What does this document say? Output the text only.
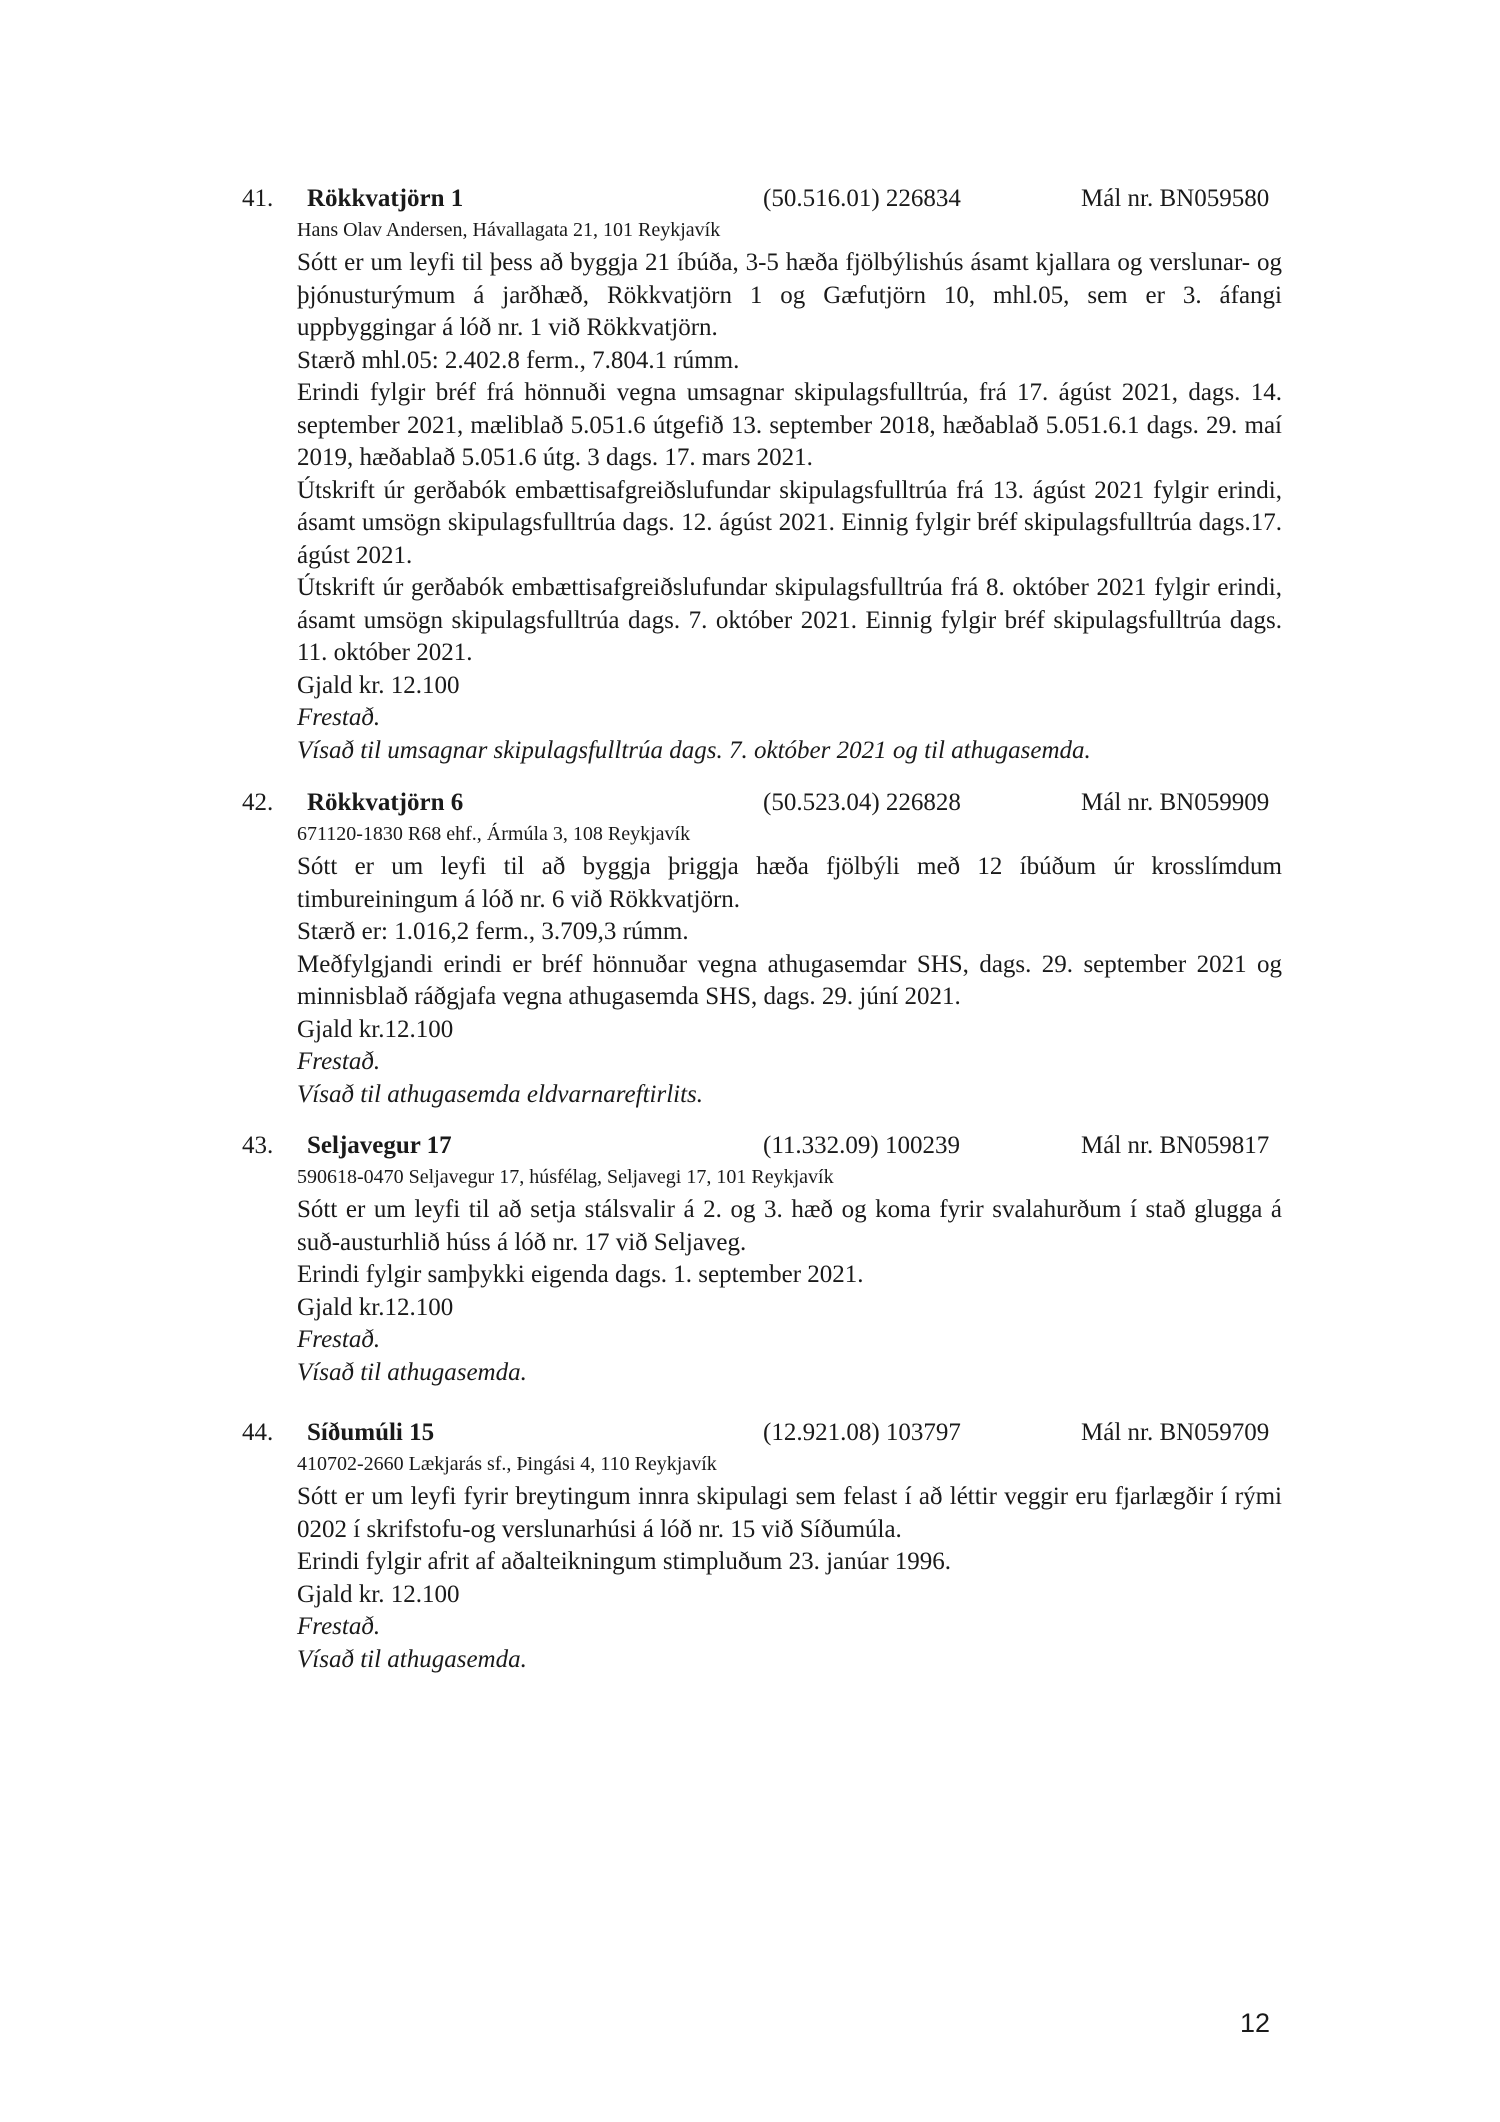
41. Rökkvatjörn 1	(50.516.01) 226834	Mál nr. BN059580
Hans Olav Andersen, Hávallagata 21, 101 Reykjavík

Sótt er um leyfi til þess að byggja 21 íbúða, 3-5 hæða fjölbýlishús ásamt kjallara og verslunar- og þjónusturýmum á jarðhæð, Rökkvatjörn 1 og Gæfutjörn 10, mhl.05, sem er 3. áfangi uppbyggingar á lóð nr. 1 við Rökkvatjörn.

Stærð mhl.05: 2.402.8 ferm., 7.804.1 rúmm.

Erindi fylgir bréf frá hönnuði vegna umsagnar skipulagsfulltrúa, frá 17. ágúst 2021, dags. 14. september 2021, mæliblað 5.051.6 útgefið 13. september 2018, hæðablað 5.051.6.1 dags. 29. maí 2019, hæðablað 5.051.6 útg. 3 dags. 17. mars 2021.

Útskrift úr gerðabók embættisafgreiðslufundar skipulagsfulltrúa frá 13. ágúst 2021 fylgir erindi, ásamt umsögn skipulagsfulltrúa dags. 12. ágúst 2021. Einnig fylgir bréf skipulagsfulltrúa dags.17. ágúst 2021.

Útskrift úr gerðabók embættisafgreiðslufundar skipulagsfulltrúa frá 8. október 2021 fylgir erindi, ásamt umsögn skipulagsfulltrúa dags. 7. október 2021. Einnig fylgir bréf skipulagsfulltrúa dags. 11. október 2021.

Gjald kr. 12.100

Frestað.

Vísað til umsagnar skipulagsfulltrúa dags. 7. október 2021 og til athugasemda.

42. Rökkvatjörn 6	(50.523.04) 226828	Mál nr. BN059909
671120-1830 R68 ehf., Ármúla 3, 108 Reykjavík

Sótt er um leyfi til að byggja þriggja hæða fjölbýli með 12 íbúðum úr krosslímdum timbureiningum á lóð nr. 6 við Rökkvatjörn.

Stærð er: 1.016,2 ferm., 3.709,3 rúmm.

Meðfylgjandi erindi er bréf hönnuðar vegna athugasemdar SHS, dags. 29. september 2021 og minnisblað ráðgjafa vegna athugasemda SHS, dags. 29. júní 2021.

Gjald kr.12.100

Frestað.

Vísað til athugasemda eldvarnareftirlits.

43. Seljavegur 17	(11.332.09) 100239	Mál nr. BN059817
590618-0470 Seljavegur 17, húsfélag, Seljavegi 17, 101 Reykjavík

Sótt er um leyfi til að setja stálsvalir á 2. og 3. hæð og koma fyrir svalahurðum í stað glugga á suð-austurhlið húss á lóð nr. 17 við Seljaveg.

Erindi fylgir samþykki eigenda dags. 1. september 2021.

Gjald kr.12.100

Frestað.

Vísað til athugasemda.

44. Síðumúli 15	(12.921.08) 103797	Mál nr. BN059709
410702-2660 Lækjarás sf., Þingási 4, 110 Reykjavík

Sótt er um leyfi fyrir breytingum innra skipulagi sem felast í að léttir veggir eru fjarlægðir í rými 0202 í skrifstofu-og verslunarhúsi á lóð nr. 15 við Síðumúla.

Erindi fylgir afrit af aðalteikningum stimpluðum 23. janúar 1996.

Gjald kr. 12.100

Frestað.

Vísað til athugasemda.

12
